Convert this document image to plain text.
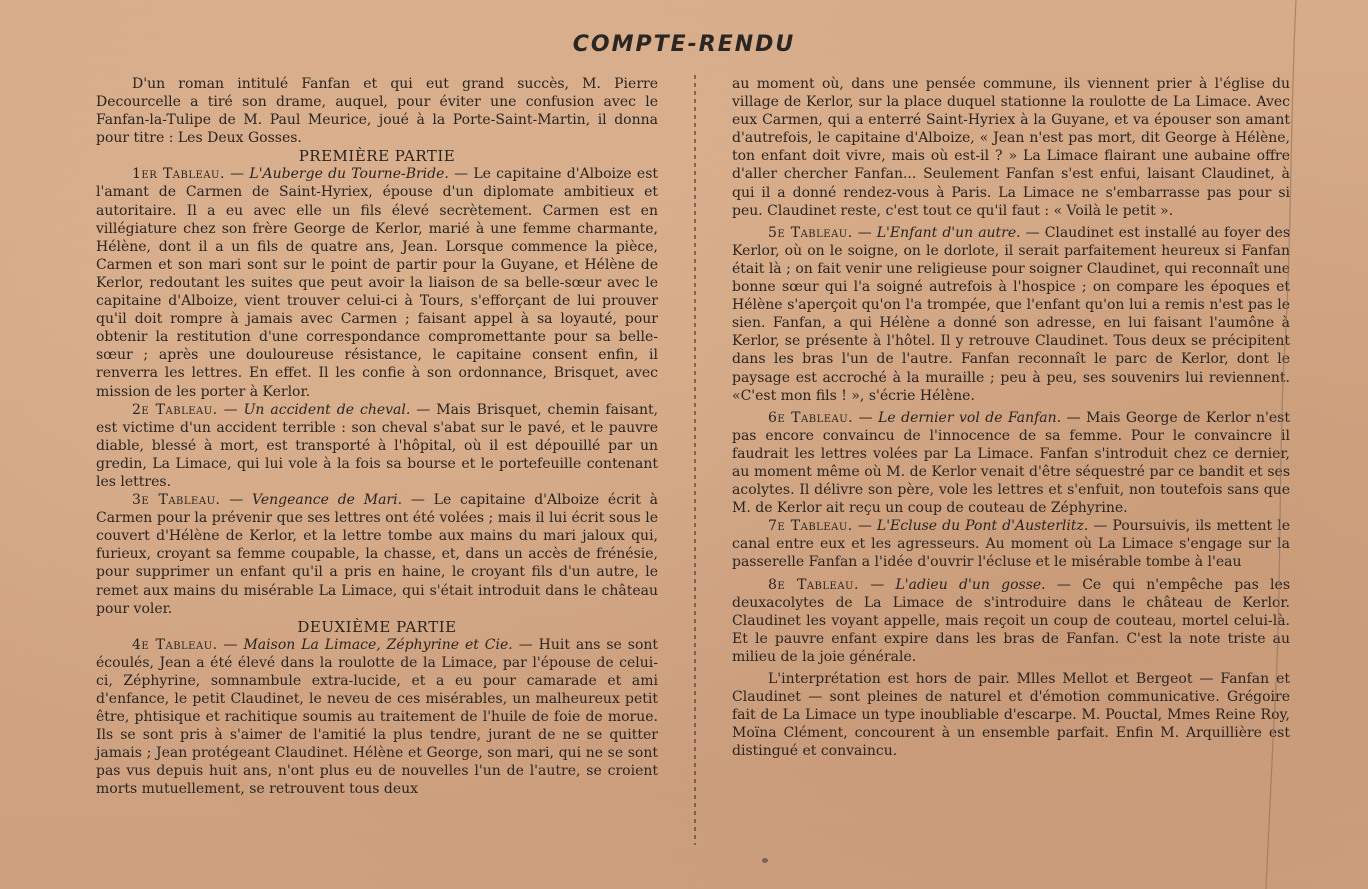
COMPTE-RENDU

D'un roman intitulé Fanfan et qui eut grand succès, M. Pierre Decourcelle a tiré son drame, auquel, pour éviter une confusion avec le Fanfan-la-Tulipe de M. Paul Meurice, joué à la Porte-Saint-Martin, il donna pour titre : Les Deux Gosses.

PREMIÈRE PARTIE

1er Tableau. — L'Auberge du Tourne-Bride. — Le capitaine d'Alboize est l'amant de Carmen de Saint-Hyriex, épouse d'un diplomate ambitieux et autoritaire. Il a eu avec elle un fils élevé secrètement. Carmen est en villégiature chez son frère George de Kerlor, marié à une femme charmante, Hélène, dont il a un fils de quatre ans, Jean. Lorsque commence la pièce, Carmen et son mari sont sur le point de partir pour la Guyane, et Hélène de Kerlor, redoutant les suites que peut avoir la liaison de sa belle-sœur avec le capitaine d'Alboize, vient trouver celui-ci à Tours, s'efforçant de lui prouver qu'il doit rompre à jamais avec Carmen ; faisant appel à sa loyauté, pour obtenir la restitution d'une correspondance compromettante pour sa belle-sœur ; après une douloureuse résistance, le capitaine consent enfin, il renverra les lettres. En effet. Il les confie à son ordonnance, Brisquet, avec mission de les porter à Kerlor.

2e Tableau. — Un accident de cheval. — Mais Brisquet, chemin faisant, est victime d'un accident terrible : son cheval s'abat sur le pavé, et le pauvre diable, blessé à mort, est transporté à l'hôpital, où il est dépouillé par un gredin, La Limace, qui lui vole à la fois sa bourse et le portefeuille contenant les lettres.

3e Tableau. — Vengeance de Mari. — Le capitaine d'Alboize écrit à Carmen pour la prévenir que ses lettres ont été volées ; mais il lui écrit sous le couvert d'Hélène de Kerlor, et la lettre tombe aux mains du mari jaloux qui, furieux, croyant sa femme coupable, la chasse, et, dans un accès de frénésie, pour supprimer un enfant qu'il a pris en haine, le croyant fils d'un autre, le remet aux mains du misérable La Limace, qui s'était introduit dans le château pour voler.

DEUXIÈME PARTIE

4e Tableau. — Maison La Limace, Zéphyrine et Cie. — Huit ans se sont écoulés, Jean a été élevé dans la roulotte de la Limace, par l'épouse de celui-ci, Zéphyrine, somnambule extra-lucide, et a eu pour camarade et ami d'enfance, le petit Claudinet, le neveu de ces misérables, un malheureux petit être, phtisique et rachitique soumis au traitement de l'huile de foie de morue. Ils se sont pris à s'aimer de l'amitié la plus tendre, jurant de ne se quitter jamais ; Jean protégeant Claudinet. Hélène et George, son mari, qui ne se sont pas vus depuis huit ans, n'ont plus eu de nouvelles l'un de l'autre, se croient morts mutuellement, se retrouvent tous deux

au moment où, dans une pensée commune, ils viennent prier à l'église du village de Kerlor, sur la place duquel stationne la roulotte de La Limace. Avec eux Carmen, qui a enterré Saint-Hyriex à la Guyane, et va épouser son amant d'autrefois, le capitaine d'Alboize, « Jean n'est pas mort, dit George à Hélène, ton enfant doit vivre, mais où est-il ? » La Limace flairant une aubaine offre d'aller chercher Fanfan... Seulement Fanfan s'est enfui, laisant Claudinet, à qui il a donné rendez-vous à Paris. La Limace ne s'embarrasse pas pour si peu. Claudinet reste, c'est tout ce qu'il faut : « Voilà le petit ».

5e Tableau. — L'Enfant d'un autre. — Claudinet est installé au foyer des Kerlor, où on le soigne, on le dorlote, il serait parfaitement heureux si Fanfan était là ; on fait venir une religieuse pour soigner Claudinet, qui reconnaît une bonne sœur qui l'a soigné autrefois à l'hospice ; on compare les époques et Hélène s'aperçoit qu'on l'a trompée, que l'enfant qu'on lui a remis n'est pas le sien. Fanfan, a qui Hélène a donné son adresse, en lui faisant l'aumône à Kerlor, se présente à l'hôtel. Il y retrouve Claudinet. Tous deux se précipitent dans les bras l'un de l'autre. Fanfan reconnaît le parc de Kerlor, dont le paysage est accroché à la muraille ; peu à peu, ses souvenirs lui reviennent. «C'est mon fils ! », s'écrie Hélène.

6e Tableau. — Le dernier vol de Fanfan. — Mais George de Kerlor n'est pas encore convaincu de l'innocence de sa femme. Pour le convaincre il faudrait les lettres volées par La Limace. Fanfan s'introduit chez ce dernier, au moment même où M. de Kerlor venait d'être séquestré par ce bandit et ses acolytes. Il délivre son père, vole les lettres et s'enfuit, non toutefois sans que M. de Kerlor ait reçu un coup de couteau de Zéphyrine.

7e Tableau. — L'Ecluse du Pont d'Austerlitz. — Poursuivis, ils mettent le canal entre eux et les agresseurs. Au moment où La Limace s'engage sur la passerelle Fanfan a l'idée d'ouvrir l'écluse et le misérable tombe à l'eau

8e Tableau. — L'adieu d'un gosse. — Ce qui n'empêche pas les deuxacolytes de La Limace de s'introduire dans le château de Kerlor. Claudinet les voyant appelle, mais reçoit un coup de couteau, mortel celui-là. Et le pauvre enfant expire dans les bras de Fanfan. C'est la note triste au milieu de la joie générale.

L'interprétation est hors de pair. Mlles Mellot et Bergeot — Fanfan et Claudinet — sont pleines de naturel et d'émotion communicative. Grégoire fait de La Limace un type inoubliable d'escarpe. M. Pouctal, Mmes Reine Roy, Moïna Clément, concourent à un ensemble parfait. Enfin M. Arquillière est distingué et convaincu.
